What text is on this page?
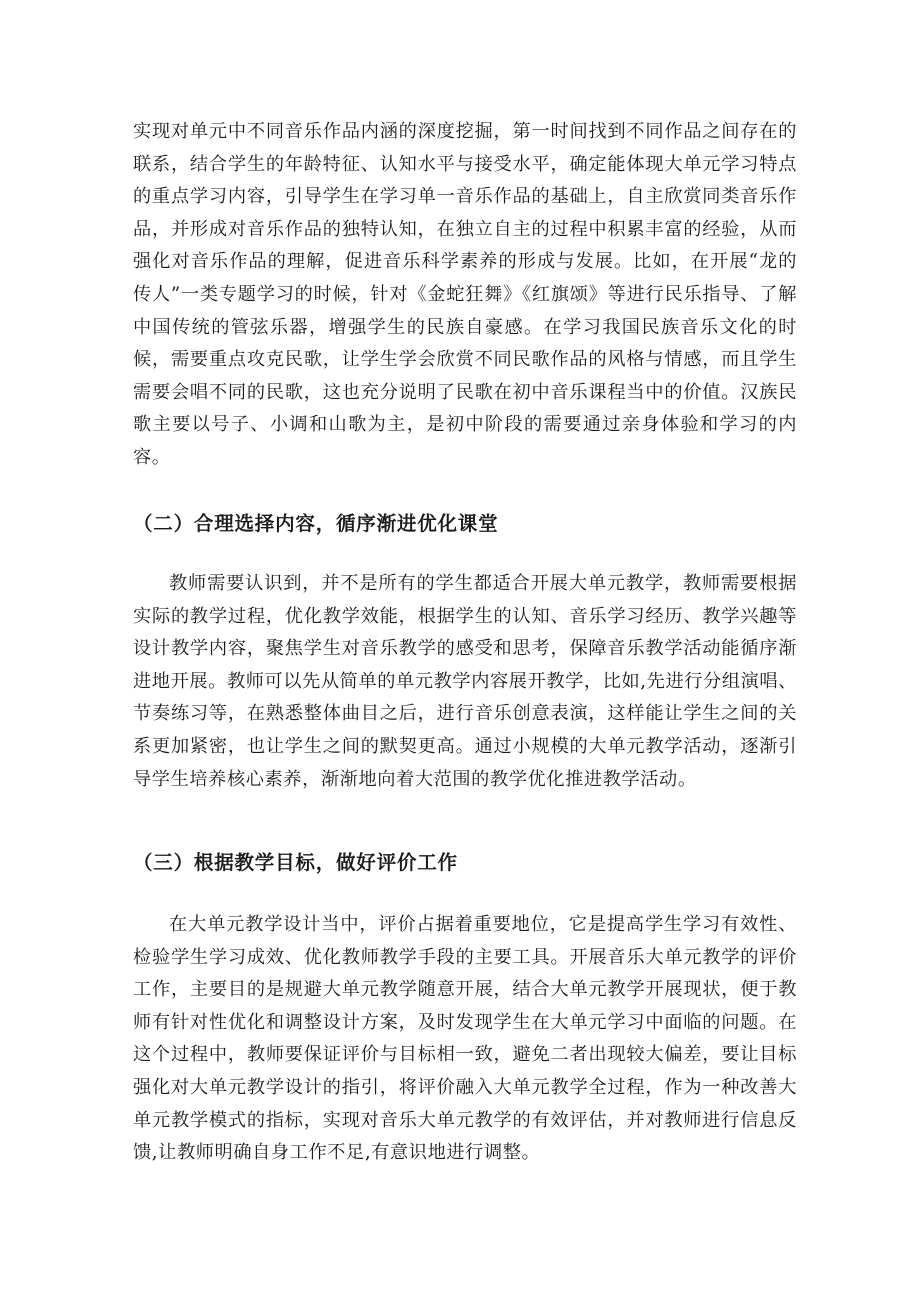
实现对单元中不同音乐作品内涵的深度挖掘，第一时间找到不同作品之间存在的联系，结合学生的年龄特征、认知水平与接受水平，确定能体现大单元学习特点的重点学习内容，引导学生在学习单一音乐作品的基础上，自主欣赏同类音乐作品，并形成对音乐作品的独特认知，在独立自主的过程中积累丰富的经验，从而强化对音乐作品的理解，促进音乐科学素养的形成与发展。比如，在开展“龙的传人”一类专题学习的时候，针对《金蛇狂舞》《红旗颂》等进行民乐指导、了解中国传统的管弦乐器，增强学生的民族自豪感。在学习我国民族音乐文化的时候，需要重点攻克民歌，让学生学会欣赏不同民歌作品的风格与情感，而且学生需要会唱不同的民歌，这也充分说明了民歌在初中音乐课程当中的价值。汉族民歌主要以号子、小调和山歌为主，是初中阶段的需要通过亲身体验和学习的内容。

（二）合理选择内容，循序渐进优化课堂

教师需要认识到，并不是所有的学生都适合开展大单元教学，教师需要根据实际的教学过程，优化教学效能，根据学生的认知、音乐学习经历、教学兴趣等设计教学内容，聚焦学生对音乐教学的感受和思考，保障音乐教学活动能循序渐进地开展。教师可以先从简单的单元教学内容展开教学，比如,先进行分组演唱、节奏练习等，在熟悉整体曲目之后，进行音乐创意表演，这样能让学生之间的关系更加紧密，也让学生之间的默契更高。通过小规模的大单元教学活动，逐渐引导学生培养核心素养，渐渐地向着大范围的教学优化推进教学活动。

（三）根据教学目标，做好评价工作

在大单元教学设计当中，评价占据着重要地位，它是提高学生学习有效性、检验学生学习成效、优化教师教学手段的主要工具。开展音乐大单元教学的评价工作，主要目的是规避大单元教学随意开展，结合大单元教学开展现状，便于教师有针对性优化和调整设计方案，及时发现学生在大单元学习中面临的问题。在这个过程中，教师要保证评价与目标相一致，避免二者出现较大偏差，要让目标强化对大单元教学设计的指引，将评价融入大单元教学全过程，作为一种改善大单元教学模式的指标，实现对音乐大单元教学的有效评估，并对教师进行信息反馈,让教师明确自身工作不足,有意识地进行调整。
